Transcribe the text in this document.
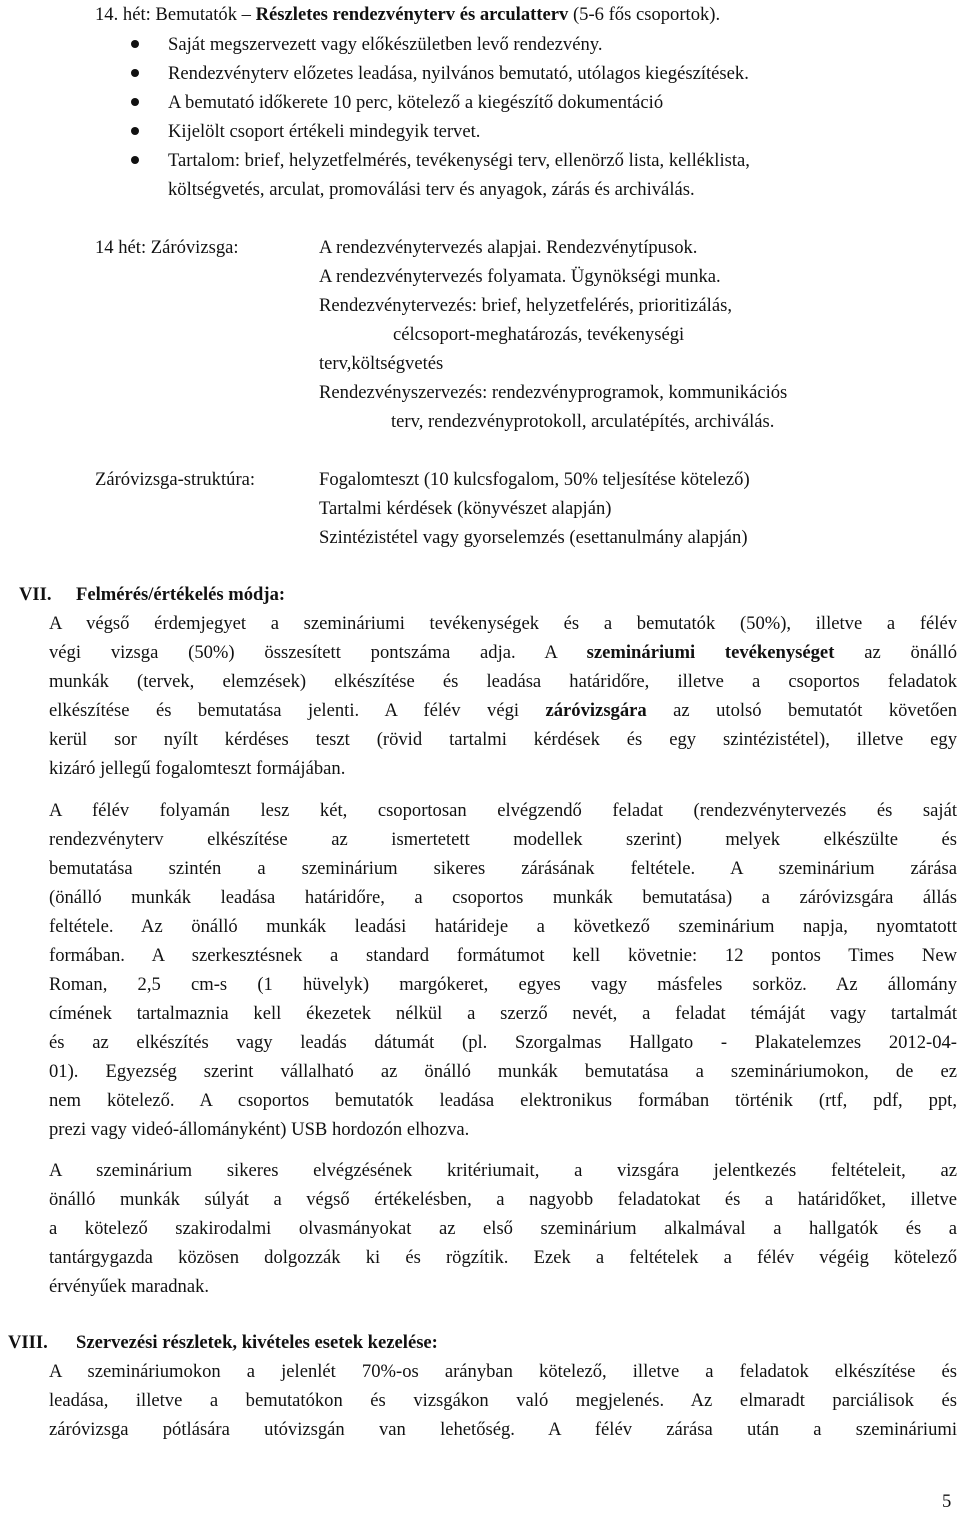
14. hét: Bemutatók – Részletes rendezvényterv és arculatterv (5-6 fős csoportok).
Saját megszervezett vagy előkészületben levő rendezvény.
Rendezvényterv előzetes leadása, nyilvános bemutató, utólagos kiegészítések.
A bemutató időkerete 10 perc, kötelező a kiegészítő dokumentáció
Kijelölt csoport értékeli mindegyik tervet.
Tartalom: brief, helyzetfelmérés, tevékenységi terv, ellenörző lista, kelléklista,
költségvetés, arculat, promoválási terv és anyagok, zárás és archiválás.
14 hét: Záróvizsga:	A rendezvénytervezés alapjai. Rendezvénytípusok.
A rendezvénytervezés folyamata. Ügynökségi munka.
Rendezvénytervezés: brief, helyzetfelérés, prioritizálás,
célcsoport-meghatározás, tevékenységi
terv,költségvetés
Rendezvényszervezés: rendezvényprogramok, kommunikációs
terv, rendezvényprotokoll, arculatépítés, archiválás.
Záróvizsga-struktúra:	Fogalomteszt (10 kulcsfogalom, 50% teljesítése kötelező)
Tartalmi kérdések (könyvészet alapján)
Szintézistétel vagy gyorselemzés (esettanulmány alapján)
VII. Felmérés/értékelés módja:
A végső érdemjegyet a szemináriumi tevékenységek és a bemutatók (50%), illetve a félév
végi vizsga (50%) összesített pontszáma adja. A szemináriumi tevékenységet az önálló
munkák (tervek, elemzések) elkészítése és leadása határidőre, illetve a csoportos feladatok
elkészítése és bemutatása jelenti. A félév végi záróvizsgára az utolsó bemutatót követően
kerül sor nyílt kérdéses teszt (rövid tartalmi kérdések és egy szintézistétel), illetve egy
kizáró jellegű fogalomteszt formájában.
A félév folyamán lesz két, csoportosan elvégzendő feladat (rendezvénytervezés és saját
rendezvényterv elkészítése az ismertetett modellek szerint) melyek elkészülte és
bemutatása szintén a szeminárium sikeres zárásának feltétele. A szeminárium zárása
(önálló munkák leadása határidőre, a csoportos munkák bemutatása) a záróvizsgára állás
feltétele. Az önálló munkák leadási határideje a következő szeminárium napja, nyomtatott
formában. A szerkesztésnek a standard formátumot kell követnie: 12 pontos Times New
Roman, 2,5 cm-s (1 hüvelyk) margókeret, egyes vagy másfeles sorköz. Az állomány
címének tartalmaznia kell ékezetek nélkül a szerző nevét, a feladat témáját vagy tartalmát
és az elkészítés vagy leadás dátumát (pl. Szorgalmas Hallgato - Plakatelemzes 2012-04-
01). Egyezség szerint vállalható az önálló munkák bemutatása a szemináriumokon, de ez
nem kötelező. A csoportos bemutatók leadása elektronikus formában történik (rtf, pdf, ppt,
prezi vagy videó-állományként) USB hordozón elhozva.
A szeminárium sikeres elvégzésének kritériumait, a vizsgára jelentkezés feltételeit, az
önálló munkák súlyát a végső értékelésben, a nagyobb feladatokat és a határidőket, illetve
a kötelező szakirodalmi olvasmányokat az első szeminárium alkalmával a hallgatók és a
tantárgygazda közösen dolgozzák ki és rögzítik. Ezek a feltételek a félév végéig kötelező
érvényűek maradnak.
VIII. Szervezési részletek, kivételes esetek kezelése:
A szemináriumokon a jelenlét 70%-os arányban kötelező, illetve a feladatok elkészítése és
leadása, illetve a bemutatókon és vizsgákon való megjelenés. Az elmaradt parciálisok és
záróvizsga pótlására utóvizsgán van lehetőség. A félév zárása után a szemináriumi
5
